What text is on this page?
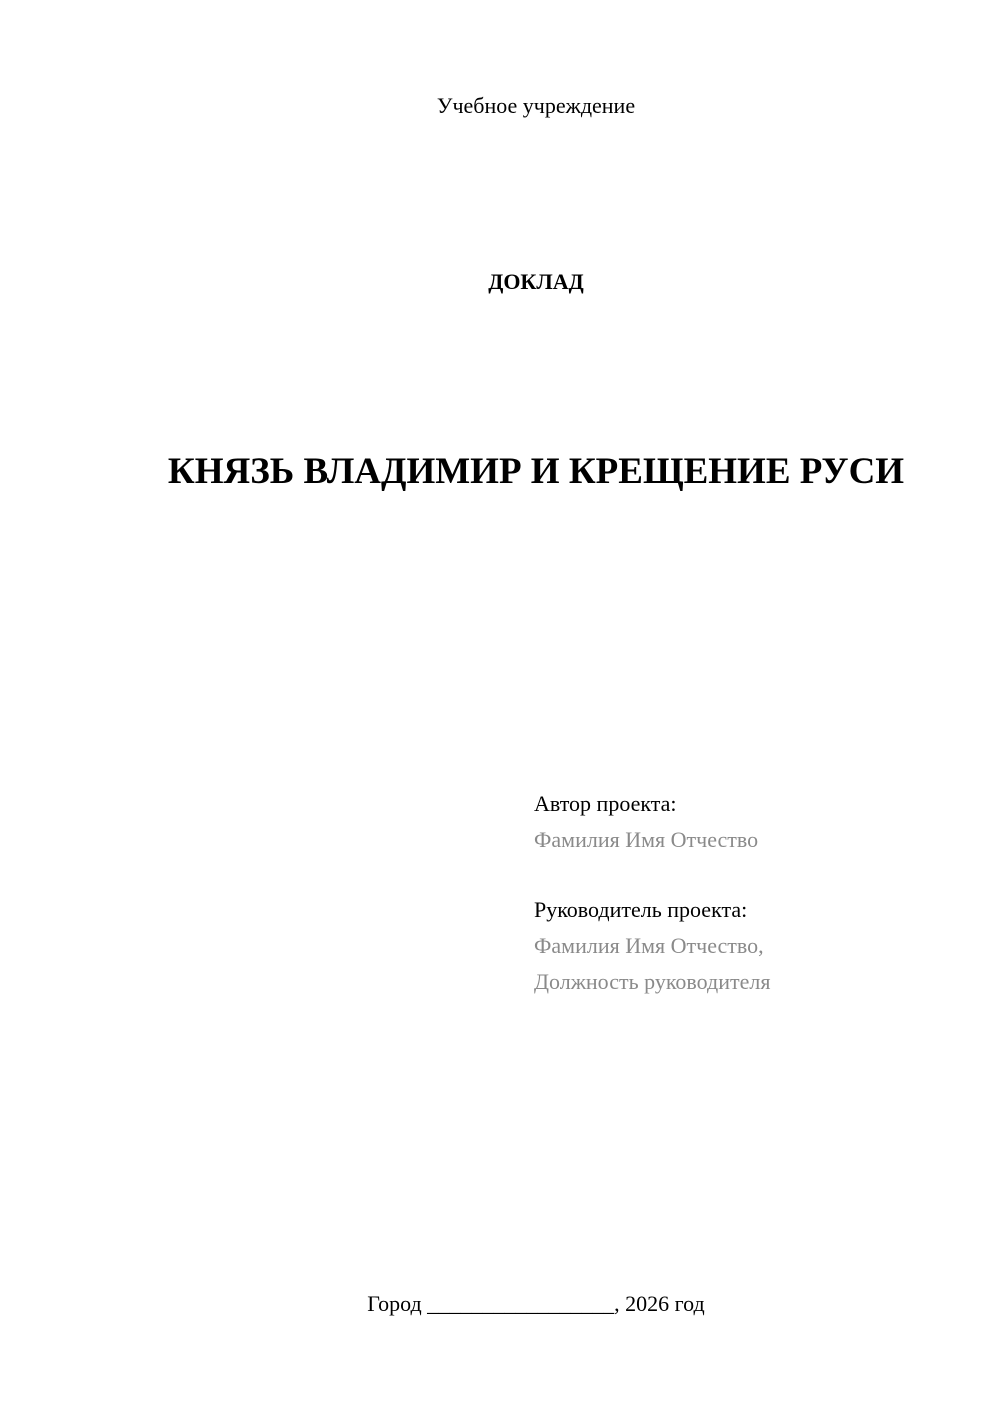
Учебное учреждение
ДОКЛАД
КНЯЗЬ ВЛАДИМИР И КРЕЩЕНИЕ РУСИ
Автор проекта:
Фамилия Имя Отчество
Руководитель проекта:
Фамилия Имя Отчество,
Должность руководителя
Город _________________, 2026 год
